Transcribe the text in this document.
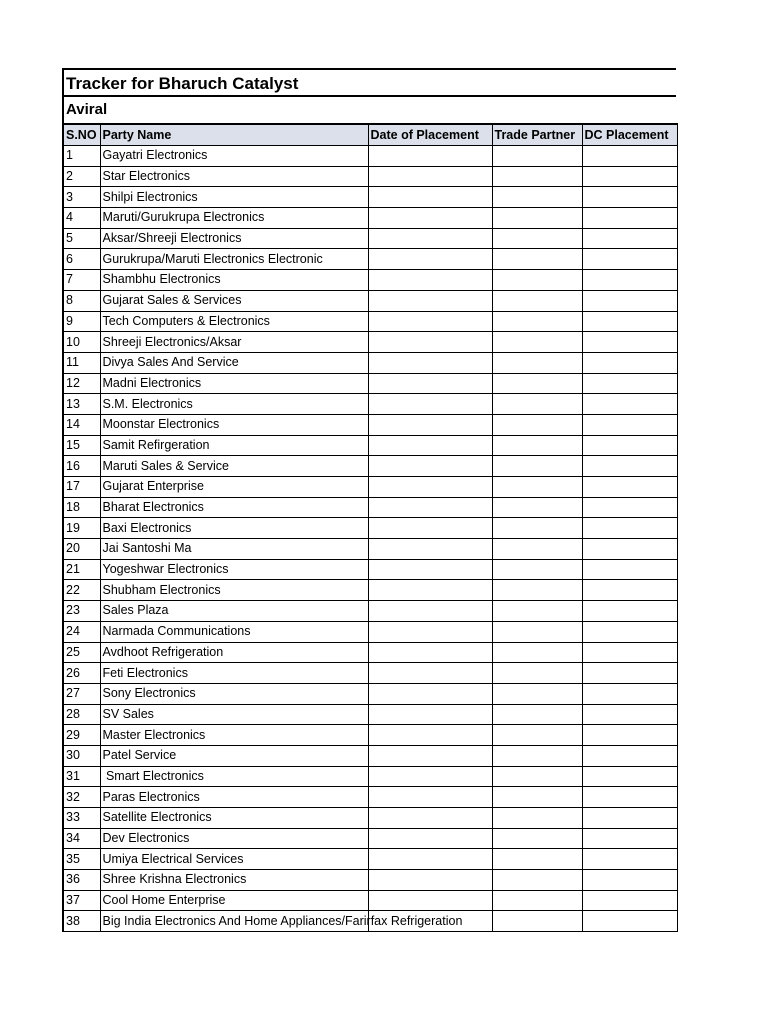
Tracker for Bharuch Catalyst
Aviral
S.NO	Party Name	Date of Placement	Trade Partner	DC Placement
1	Gayatri Electronics			
2	Star Electronics			
3	Shilpi Electronics			
4	Maruti/Gurukrupa Electronics			
5	Aksar/Shreeji Electronics			
6	Gurukrupa/Maruti Electronics Electronic			
7	Shambhu Electronics			
8	Gujarat Sales & Services			
9	Tech Computers & Electronics			
10	Shreeji Electronics/Aksar			
11	Divya Sales And Service			
12	Madni Electronics			
13	S.M. Electronics			
14	Moonstar Electronics			
15	Samit Refirgeration			
16	Maruti Sales & Service			
17	Gujarat Enterprise			
18	Bharat Electronics			
19	Baxi Electronics			
20	Jai Santoshi Ma			
21	Yogeshwar Electronics			
22	Shubham Electronics			
23	Sales Plaza			
24	Narmada Communications			
25	Avdhoot Refrigeration			
26	Feti Electronics			
27	Sony Electronics			
28	SV Sales			
29	Master Electronics			
30	Patel Service			
31	Smart Electronics			
32	Paras Electronics			
33	Satellite Electronics			
34	Dev Electronics			
35	Umiya Electrical Services			
36	Shree Krishna Electronics			
37	Cool Home Enterprise			
38	Big India Electronics And Home Appliances/Farirfax Refrigeration			
